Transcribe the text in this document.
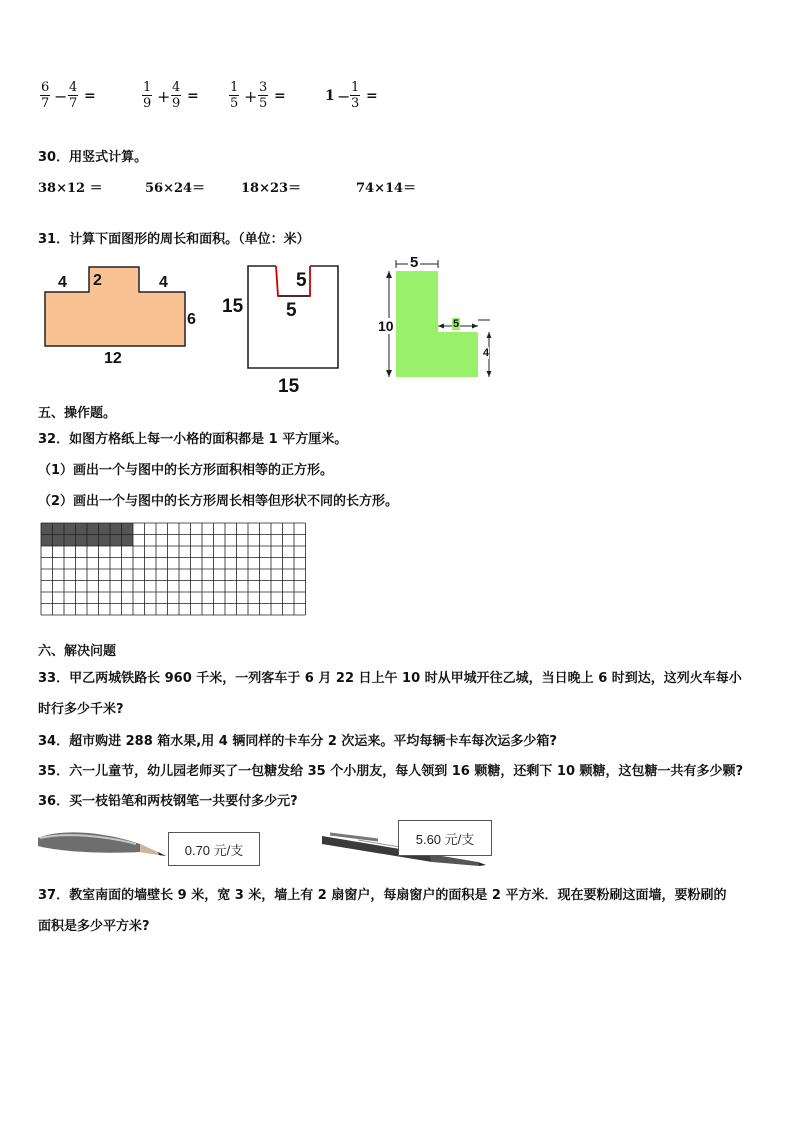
6
7 − 4
7 =
1
9 + 4
9 =
1
5 + 3
5 =	1 − 1
3 =
30．用竖式计算。
38×12 ＝	56×24＝	18×23＝	74×14＝
31．计算下面图形的周长和面积。（单位：米）
4 2	4
6
12
15
5
5
15
5
10	5
4
五、操作题。
32．如图方格纸上每一小格的面积都是 1 平方厘米。
（1）画出一个与图中的长方形面积相等的正方形。
（2）画出一个与图中的长方形周长相等但形状不同的长方形。
六、解决问题
33．甲乙两城铁路长 960 千米，一列客车于 6 月 22 日上午 10 时从甲城开往乙城，当日晚上 6 时到达，这列火车每小
时行多少千米?
34．超市购进 288 箱水果,用 4 辆同样的卡车分 2 次运来。平均每辆卡车每次运多少箱?
35．六一儿童节，幼儿园老师买了一包糖发给 35 个小朋友，每人领到 16 颗糖，还剩下 10 颗糖，这包糖一共有多少颗?
36．买一枝铅笔和两枝钢笔一共要付多少元?
0.70 元/支
5.60 元/支
37．教室南面的墙壁长 9 米，宽 3 米，墙上有 2 扇窗户，每扇窗户的面积是 2 平方米．现在要粉刷这面墙，要粉刷的
面积是多少平方米?
